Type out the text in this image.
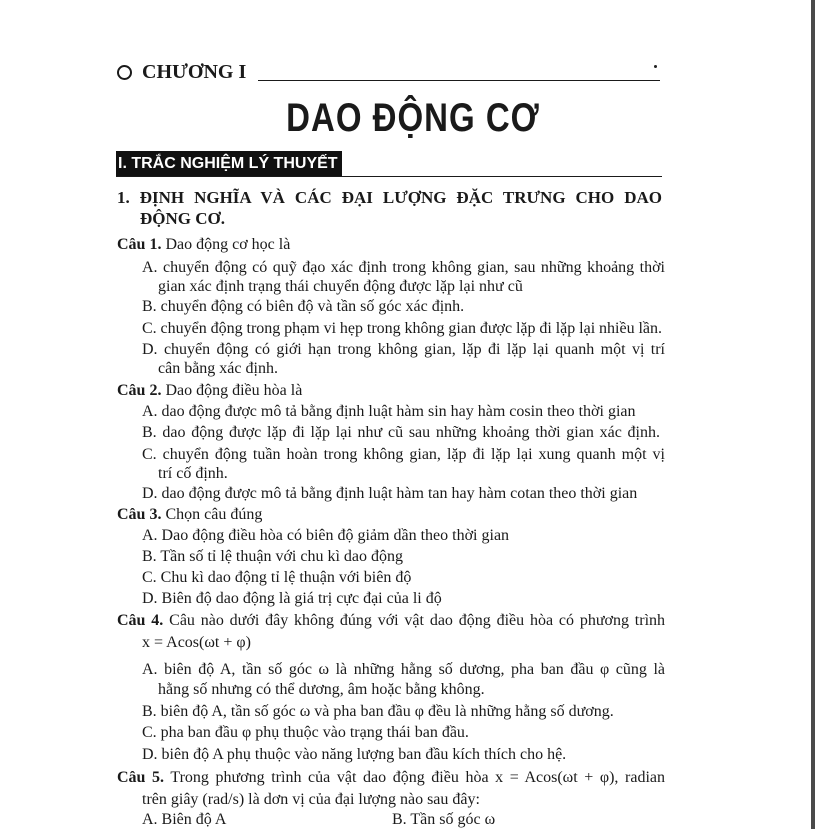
CHƯƠNG I
DAO ĐỘNG CƠ
I. TRẮC NGHIỆM LÝ THUYẾT
1. ĐỊNH NGHĨA VÀ CÁC ĐẠI LƯỢNG ĐẶC TRƯNG CHO DAO
ĐỘNG CƠ.
Câu 1. Dao động cơ học là
A. chuyển động có quỹ đạo xác định trong không gian, sau những khoảng thời
gian xác định trạng thái chuyển động được lặp lại như cũ
B. chuyển động có biên độ và tần số góc xác định.
C. chuyển động trong phạm vi hẹp trong không gian được lặp đi lặp lại nhiều lần.
D. chuyển động có giới hạn trong không gian, lặp đi lặp lại quanh một vị trí
cân bằng xác định.
Câu 2. Dao động điều hòa là
A. dao động được mô tả bằng định luật hàm sin hay hàm cosin theo thời gian
B. dao động được lặp đi lặp lại như cũ sau những khoảng thời gian xác định.
C. chuyển động tuần hoàn trong không gian, lặp đi lặp lại xung quanh một vị
trí cố định.
D. dao động được mô tả bằng định luật hàm tan hay hàm cotan theo thời gian
Câu 3. Chọn câu đúng
A. Dao động điều hòa có biên độ giảm dần theo thời gian
B. Tần số tỉ lệ thuận với chu kì dao động
C. Chu kì dao động tỉ lệ thuận với biên độ
D. Biên độ dao động là giá trị cực đại của li độ
Câu 4. Câu nào dưới đây không đúng với vật dao động điều hòa có phương trình
x = Acos(ωt + φ)
A. biên độ A, tần số góc ω là những hằng số dương, pha ban đầu φ cũng là
hằng số nhưng có thể dương, âm hoặc bằng không.
B. biên độ A, tần số góc ω và pha ban đầu φ đều là những hằng số dương.
C. pha ban đầu φ phụ thuộc vào trạng thái ban đầu.
D. biên độ A phụ thuộc vào năng lượng ban đầu kích thích cho hệ.
Câu 5. Trong phương trình của vật dao động điều hòa x = Acos(ωt + φ), radian
trên giây (rad/s) là dơn vị của đại lượng nào sau đây:
A. Biên độ A	B. Tần số góc ω
